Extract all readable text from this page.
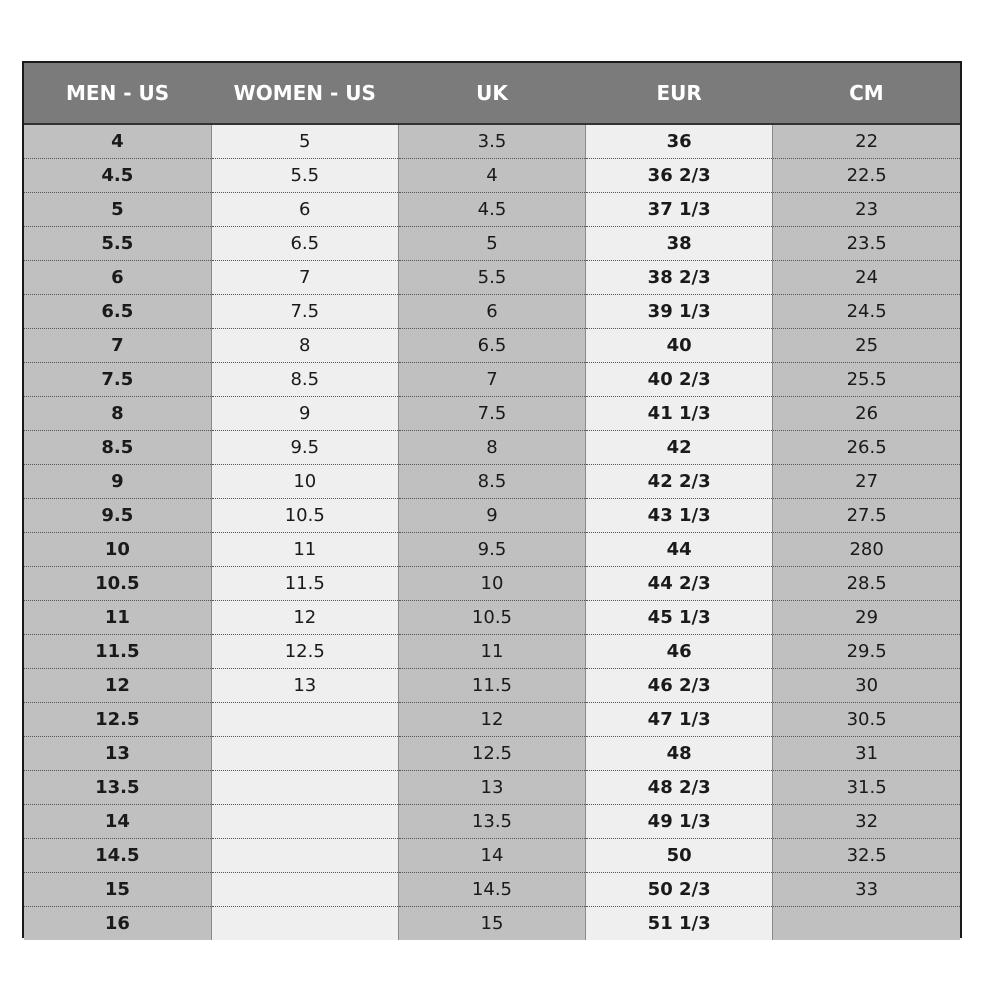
MEN - US	WOMEN - US	UK	EUR	CM
4	5	3.5	36	22
4.5	5.5	4	36 2/3	22.5
5	6	4.5	37 1/3	23
5.5	6.5	5	38	23.5
6	7	5.5	38 2/3	24
6.5	7.5	6	39 1/3	24.5
7	8	6.5	40	25
7.5	8.5	7	40 2/3	25.5
8	9	7.5	41 1/3	26
8.5	9.5	8	42	26.5
9	10	8.5	42 2/3	27
9.5	10.5	9	43 1/3	27.5
10	11	9.5	44	280
10.5	11.5	10	44 2/3	28.5
11	12	10.5	45 1/3	29
11.5	12.5	11	46	29.5
12	13	11.5	46 2/3	30
12.5		12	47 1/3	30.5
13		12.5	48	31
13.5		13	48 2/3	31.5
14		13.5	49 1/3	32
14.5		14	50	32.5
15		14.5	50 2/3	33
16		15	51 1/3	
